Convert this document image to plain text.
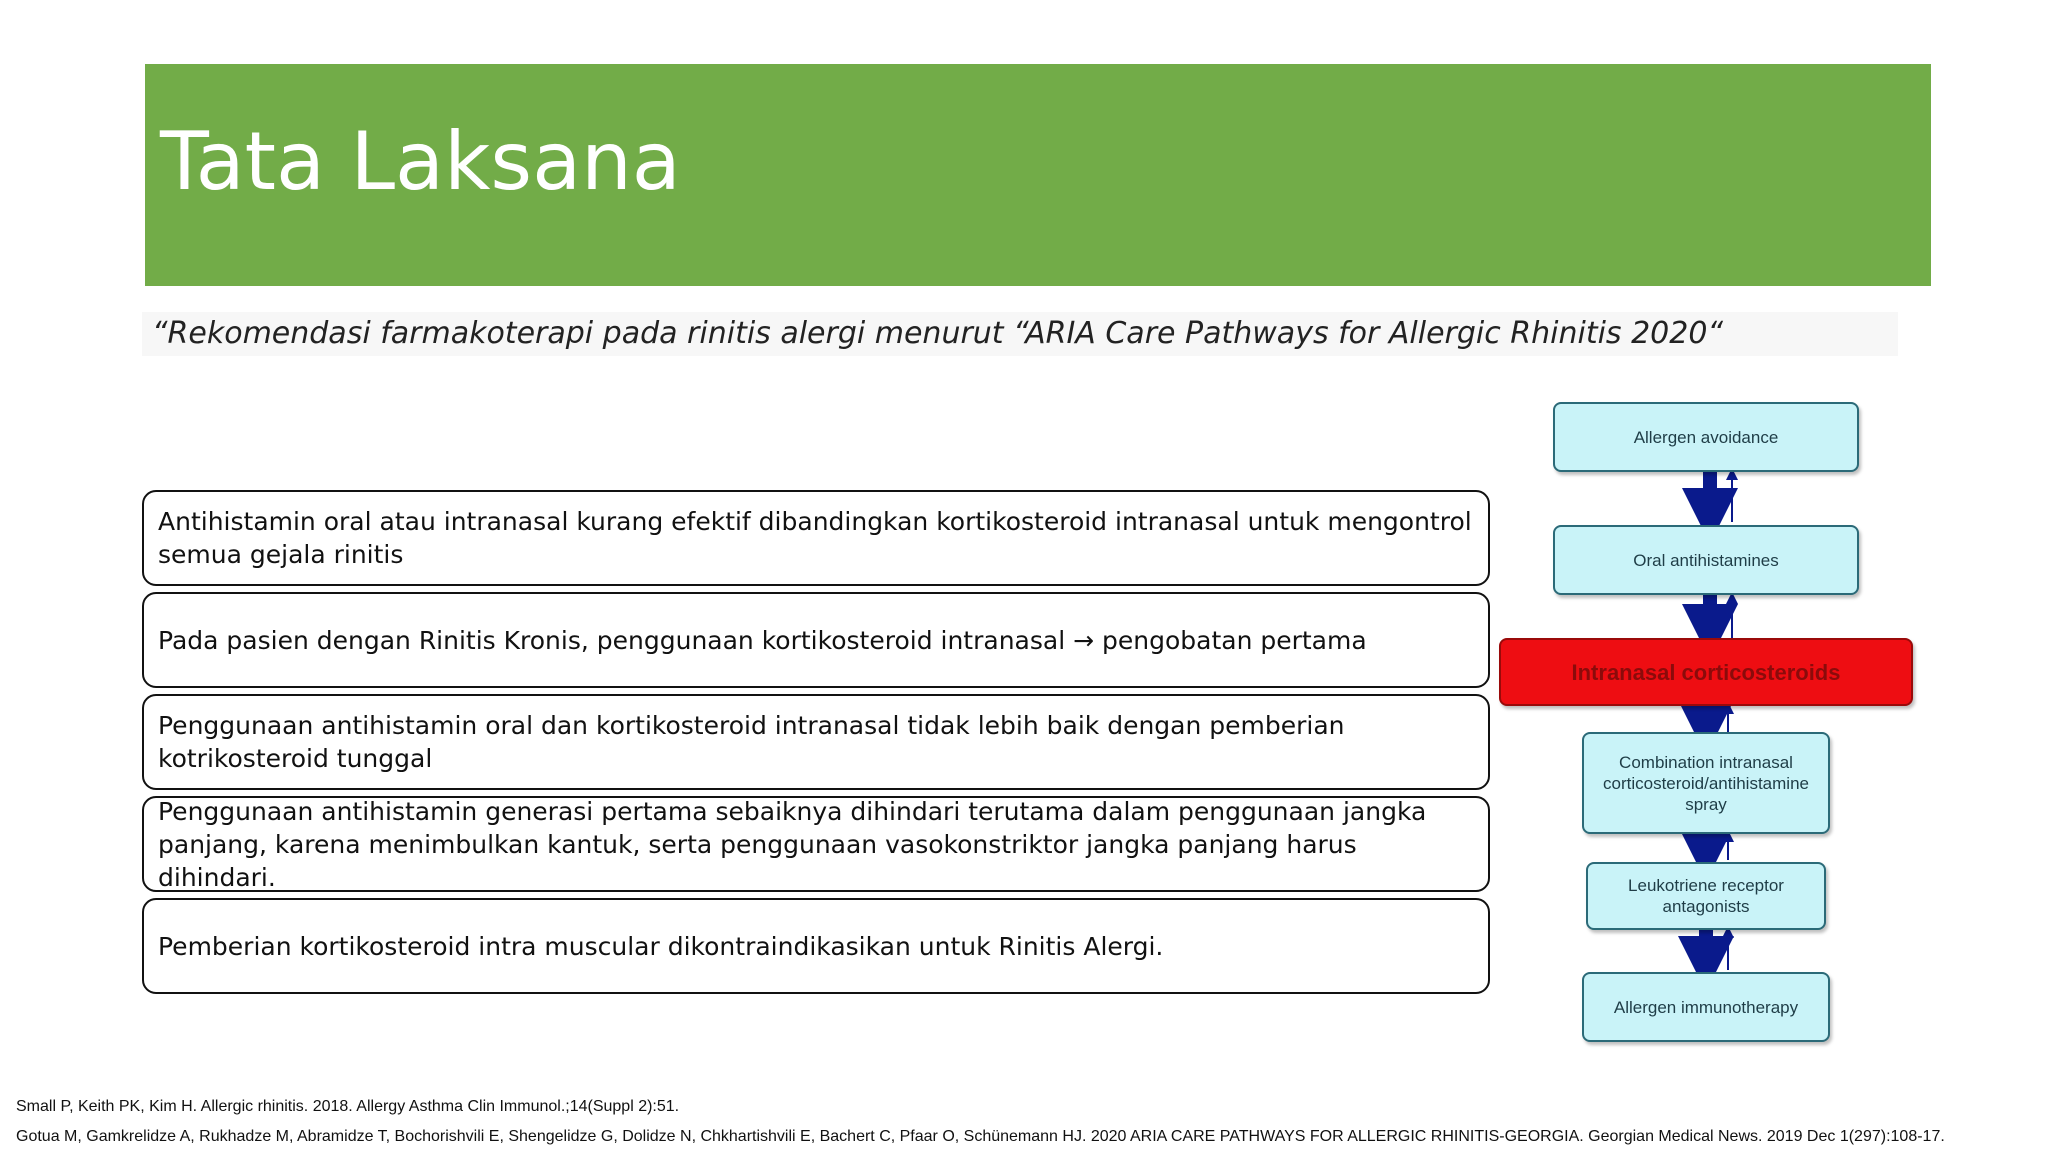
Tata Laksana
“Rekomendasi farmakoterapi pada rinitis alergi menurut “ARIA Care Pathways for Allergic Rhinitis 2020“
Antihistamin oral atau intranasal kurang efektif dibandingkan kortikosteroid intranasal untuk mengontrol semua gejala rinitis
Pada pasien dengan Rinitis Kronis, penggunaan kortikosteroid intranasal → pengobatan pertama
Penggunaan antihistamin oral dan kortikosteroid intranasal tidak lebih baik dengan pemberian kotrikosteroid tunggal
Penggunaan antihistamin generasi pertama sebaiknya dihindari terutama dalam penggunaan jangka panjang, karena menimbulkan kantuk, serta penggunaan vasokonstriktor jangka panjang harus dihindari.
Pemberian kortikosteroid intra muscular dikontraindikasikan untuk Rinitis Alergi.
Allergen avoidance
Oral antihistamines
Intranasal corticosteroids
Combination intranasal corticosteroid/antihistamine spray
Leukotriene receptor antagonists
Allergen immunotherapy
Small P, Keith PK, Kim H. Allergic rhinitis. 2018. Allergy Asthma Clin Immunol.;14(Suppl 2):51.
Gotua M, Gamkrelidze A, Rukhadze M, Abramidze T, Bochorishvili E, Shengelidze G, Dolidze N, Chkhartishvili E, Bachert C, Pfaar O, Schünemann HJ. 2020 ARIA CARE PATHWAYS FOR ALLERGIC RHINITIS-GEORGIA. Georgian Medical News. 2019 Dec 1(297):108-17.
